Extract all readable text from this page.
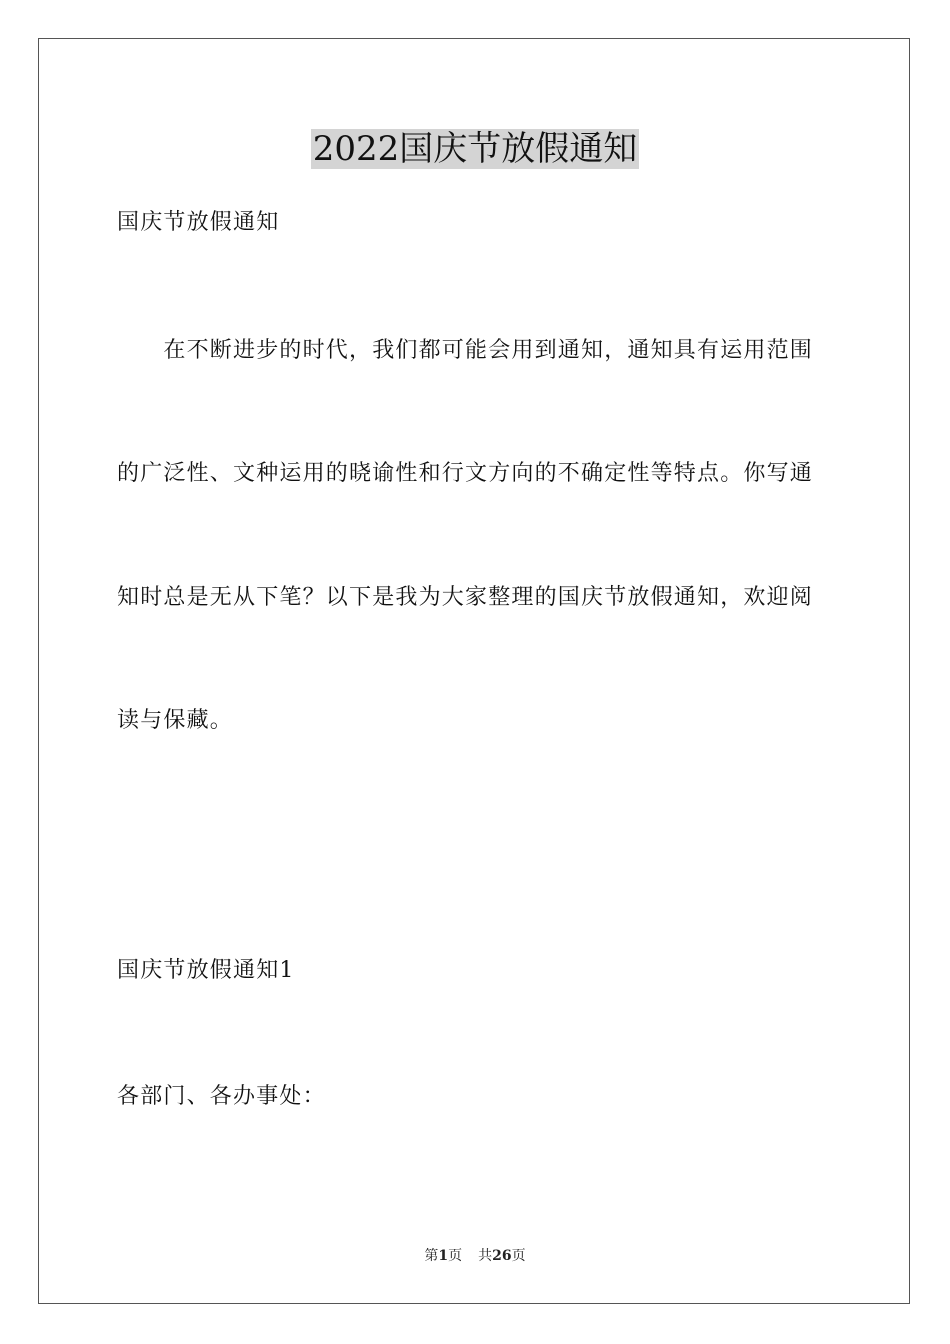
2022国庆节放假通知
国庆节放假通知
　　在不断进步的时代，我们都可能会用到通知，通知具有运用范围
的广泛性、文种运用的晓谕性和行文方向的不确定性等特点。你写通
知时总是无从下笔？以下是我为大家整理的国庆节放假通知，欢迎阅
读与保藏。
国庆节放假通知1
各部门、各办事处：
第1页 共26页
